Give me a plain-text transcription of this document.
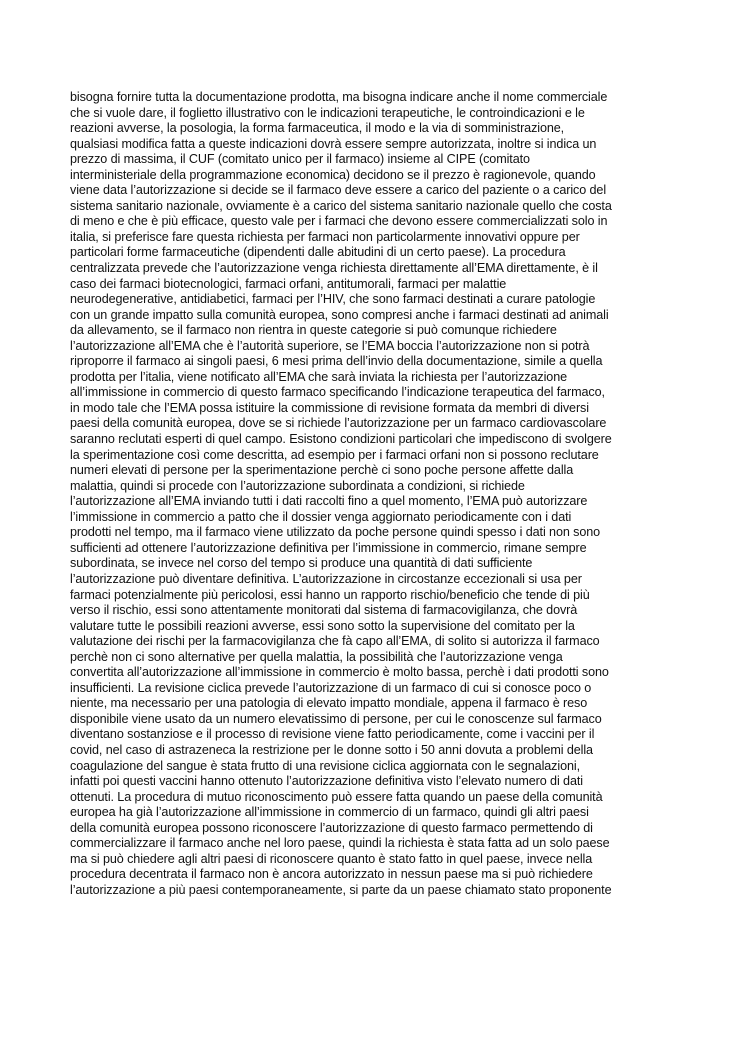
bisogna fornire tutta la documentazione prodotta, ma bisogna indicare anche il nome commerciale
che si vuole dare, il foglietto illustrativo con le indicazioni terapeutiche, le controindicazioni e le
reazioni avverse, la posologia, la forma farmaceutica, il modo e la via di somministrazione,
qualsiasi modifica fatta a queste indicazioni dovrà essere sempre autorizzata, inoltre si indica un
prezzo di massima, il CUF (comitato unico per il farmaco) insieme al CIPE (comitato
interministeriale della programmazione economica) decidono se il prezzo è ragionevole, quando
viene data l’autorizzazione si decide se il farmaco deve essere a carico del paziente o a carico del
sistema sanitario nazionale, ovviamente è a carico del sistema sanitario nazionale quello che costa
di meno e che è più efficace, questo vale per i farmaci che devono essere commercializzati solo in
italia, si preferisce fare questa richiesta per farmaci non particolarmente innovativi oppure per
particolari forme farmaceutiche (dipendenti dalle abitudini di un certo paese). La procedura
centralizzata prevede che l’autorizzazione venga richiesta direttamente all’EMA direttamente, è il
caso dei farmaci biotecnologici, farmaci orfani, antitumorali, farmaci per malattie
neurodegenerative, antidiabetici, farmaci per l’HIV, che sono farmaci destinati a curare patologie
con un grande impatto sulla comunità europea, sono compresi anche i farmaci destinati ad animali
da allevamento, se il farmaco non rientra in queste categorie si può comunque richiedere
l’autorizzazione all’EMA che è l’autorità superiore, se l’EMA boccia l’autorizzazione non si potrà
riproporre il farmaco ai singoli paesi, 6 mesi prima dell’invio della documentazione, simile a quella
prodotta per l’italia, viene notificato all’EMA che sarà inviata la richiesta per l’autorizzazione
all’immissione in commercio di questo farmaco specificando l’indicazione terapeutica del farmaco,
in modo tale che l’EMA possa istituire la commissione di revisione formata da membri di diversi
paesi della comunità europea, dove se si richiede l’autorizzazione per un farmaco cardiovascolare
saranno reclutati esperti di quel campo. Esistono condizioni particolari che impediscono di svolgere
la sperimentazione così come descritta, ad esempio per i farmaci orfani non si possono reclutare
numeri elevati di persone per la sperimentazione perchè ci sono poche persone affette dalla
malattia, quindi si procede con l’autorizzazione subordinata a condizioni, si richiede
l’autorizzazione all’EMA inviando tutti i dati raccolti fino a quel momento, l’EMA può autorizzare
l’immissione in commercio a patto che il dossier venga aggiornato periodicamente con i dati
prodotti nel tempo, ma il farmaco viene utilizzato da poche persone quindi spesso i dati non sono
sufficienti ad ottenere l’autorizzazione definitiva per l’immissione in commercio, rimane sempre
subordinata, se invece nel corso del tempo si produce una quantità di dati sufficiente
l’autorizzazione può diventare definitiva. L’autorizzazione in circostanze eccezionali si usa per
farmaci potenzialmente più pericolosi, essi hanno un rapporto rischio/beneficio che tende di più
verso il rischio, essi sono attentamente monitorati dal sistema di farmacovigilanza, che dovrà
valutare tutte le possibili reazioni avverse, essi sono sotto la supervisione del comitato per la
valutazione dei rischi per la farmacovigilanza che fà capo all’EMA, di solito si autorizza il farmaco
perchè non ci sono alternative per quella malattia, la possibilità che l’autorizzazione venga
convertita all’autorizzazione all’immissione in commercio è molto bassa, perchè i dati prodotti sono
insufficienti. La revisione ciclica prevede l’autorizzazione di un farmaco di cui si conosce poco o
niente, ma necessario per una patologia di elevato impatto mondiale, appena il farmaco è reso
disponibile viene usato da un numero elevatissimo di persone, per cui le conoscenze sul farmaco
diventano sostanziose e il processo di revisione viene fatto periodicamente, come i vaccini per il
covid, nel caso di astrazeneca la restrizione per le donne sotto i 50 anni dovuta a problemi della
coagulazione del sangue è stata frutto di una revisione ciclica aggiornata con le segnalazioni,
infatti poi questi vaccini hanno ottenuto l’autorizzazione definitiva visto l’elevato numero di dati
ottenuti. La procedura di mutuo riconoscimento può essere fatta quando un paese della comunità
europea ha già l’autorizzazione all’immissione in commercio di un farmaco, quindi gli altri paesi
della comunità europea possono riconoscere l’autorizzazione di questo farmaco permettendo di
commercializzare il farmaco anche nel loro paese, quindi la richiesta è stata fatta ad un solo paese
ma si può chiedere agli altri paesi di riconoscere quanto è stato fatto in quel paese, invece nella
procedura decentrata il farmaco non è ancora autorizzato in nessun paese ma si può richiedere
l’autorizzazione a più paesi contemporaneamente, si parte da un paese chiamato stato proponente
